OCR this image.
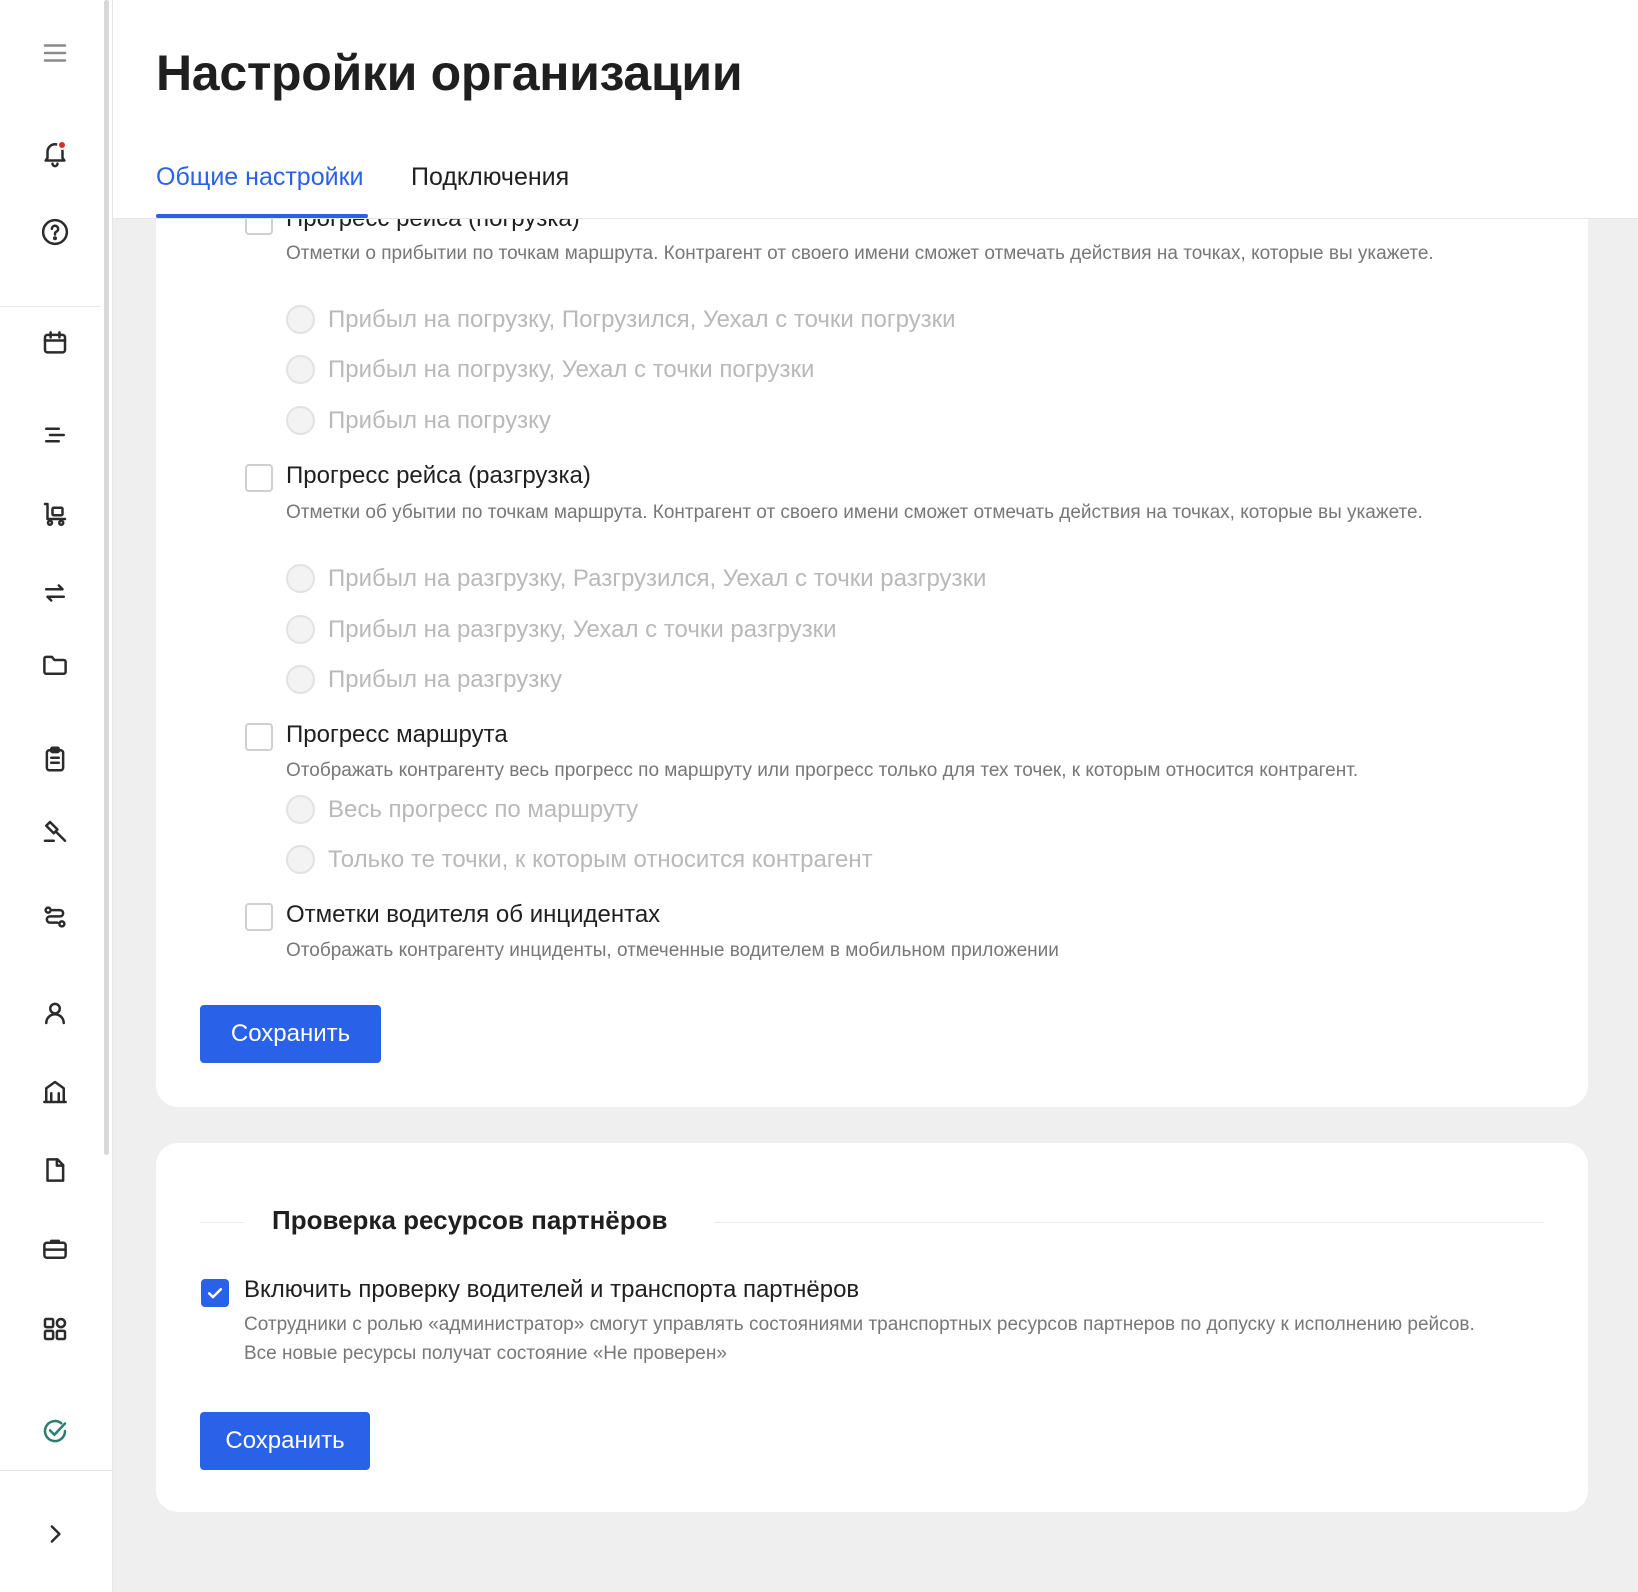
Отметки о прибытии по точкам маршрута. Контрагент от своего имени сможет отмечать действия на точках, которые вы укажете.
Прибыл на погрузку, Погрузился, Уехал с точки погрузки
Прибыл на погрузку, Уехал с точки погрузки
Прибыл на погрузку
Прогресс рейса (разгрузка)
Отметки об убытии по точкам маршрута. Контрагент от своего имени сможет отмечать действия на точках, которые вы укажете.
Прибыл на разгрузку, Разгрузился, Уехал с точки разгрузки
Прибыл на разгрузку, Уехал с точки разгрузки
Прибыл на разгрузку
Прогресс маршрута
Отображать контрагенту весь прогресс по маршруту или прогресс только для тех точек, к которым относится контрагент.
Весь прогресс по маршруту
Только те точки, к которым относится контрагент
Отметки водителя об инцидентах
Отображать контрагенту инциденты, отмеченные водителем в мобильном приложении
Сохранить
Настройки организации
Общие настройки Подключения
Проверка ресурсов партнёров
Включить проверку водителей и транспорта партнёров
Сотрудники с ролью «администратор» смогут управлять состояниями транспортных ресурсов партнеров по допуску к исполнению рейсов. Все новые ресурсы получат состояние «Не проверен»
Сохранить
